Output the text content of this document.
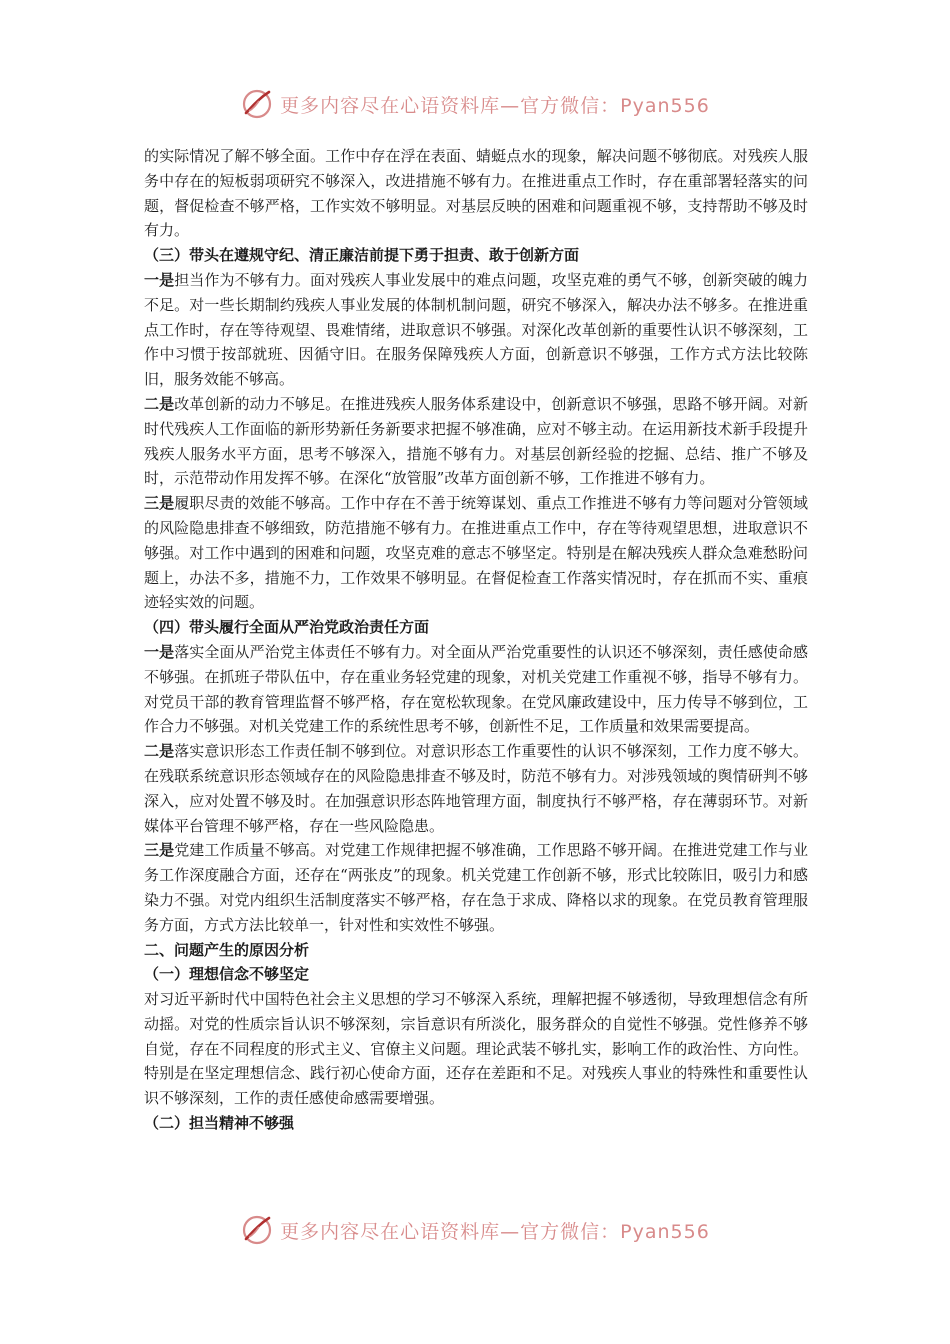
更多内容尽在心语资料库—官方微信：Pyan556

的实际情况了解不够全面。工作中存在浮在表面、蜻蜓点水的现象，解决问题不够彻底。对残疾人服务中存在的短板弱项研究不够深入，改进措施不够有力。在推进重点工作时，存在重部署轻落实的问题，督促检查不够严格，工作实效不够明显。对基层反映的困难和问题重视不够，支持帮助不够及时有力。

（三）带头在遵规守纪、清正廉洁前提下勇于担责、敢于创新方面

一是担当作为不够有力。面对残疾人事业发展中的难点问题，攻坚克难的勇气不够，创新突破的魄力不足。对一些长期制约残疾人事业发展的体制机制问题，研究不够深入，解决办法不够多。在推进重点工作时，存在等待观望、畏难情绪，进取意识不够强。对深化改革创新的重要性认识不够深刻，工作中习惯于按部就班、因循守旧。在服务保障残疾人方面，创新意识不够强，工作方式方法比较陈旧，服务效能不够高。

二是改革创新的动力不够足。在推进残疾人服务体系建设中，创新意识不够强，思路不够开阔。对新时代残疾人工作面临的新形势新任务新要求把握不够准确，应对不够主动。在运用新技术新手段提升残疾人服务水平方面，思考不够深入，措施不够有力。对基层创新经验的挖掘、总结、推广不够及时，示范带动作用发挥不够。在深化“放管服”改革方面创新不够，工作推进不够有力。

三是履职尽责的效能不够高。工作中存在不善于统筹谋划、重点工作推进不够有力等问题对分管领域的风险隐患排查不够细致，防范措施不够有力。在推进重点工作中，存在等待观望思想，进取意识不够强。对工作中遇到的困难和问题，攻坚克难的意志不够坚定。特别是在解决残疾人群众急难愁盼问题上，办法不多，措施不力，工作效果不够明显。在督促检查工作落实情况时，存在抓而不实、重痕迹轻实效的问题。

（四）带头履行全面从严治党政治责任方面

一是落实全面从严治党主体责任不够有力。对全面从严治党重要性的认识还不够深刻，责任感使命感不够强。在抓班子带队伍中，存在重业务轻党建的现象，对机关党建工作重视不够，指导不够有力。对党员干部的教育管理监督不够严格，存在宽松软现象。在党风廉政建设中，压力传导不够到位，工作合力不够强。对机关党建工作的系统性思考不够，创新性不足，工作质量和效果需要提高。

二是落实意识形态工作责任制不够到位。对意识形态工作重要性的认识不够深刻，工作力度不够大。在残联系统意识形态领域存在的风险隐患排查不够及时，防范不够有力。对涉残领域的舆情研判不够深入，应对处置不够及时。在加强意识形态阵地管理方面，制度执行不够严格，存在薄弱环节。对新媒体平台管理不够严格，存在一些风险隐患。

三是党建工作质量不够高。对党建工作规律把握不够准确，工作思路不够开阔。在推进党建工作与业务工作深度融合方面，还存在“两张皮”的现象。机关党建工作创新不够，形式比较陈旧，吸引力和感染力不强。对党内组织生活制度落实不够严格，存在急于求成、降格以求的现象。在党员教育管理服务方面，方式方法比较单一，针对性和实效性不够强。

二、问题产生的原因分析

（一）理想信念不够坚定

对习近平新时代中国特色社会主义思想的学习不够深入系统，理解把握不够透彻，导致理想信念有所动摇。对党的性质宗旨认识不够深刻，宗旨意识有所淡化，服务群众的自觉性不够强。党性修养不够自觉，存在不同程度的形式主义、官僚主义问题。理论武装不够扎实，影响工作的政治性、方向性。特别是在坚定理想信念、践行初心使命方面，还存在差距和不足。对残疾人事业的特殊性和重要性认识不够深刻，工作的责任感使命感需要增强。

（二）担当精神不够强

更多内容尽在心语资料库—官方微信：Pyan556
